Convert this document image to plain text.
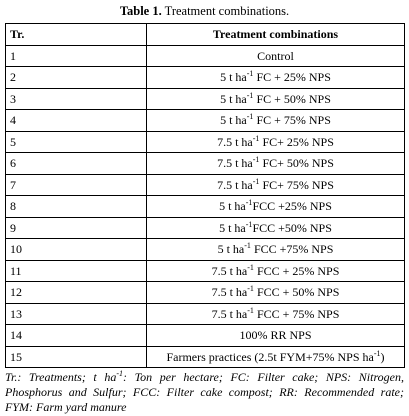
Table 1. Treatment combinations.
Tr.	Treatment combinations
1	Control
2	5 t $ha^{-1}$ FC + 25% NPS
3	5 t $ha^{-1}$ FC + 50% NPS
4	5 t $ha^{-1}$ FC + 75% NPS
5	7.5 t $ha^{-1}$ FC+ 25% NPS
6	7.5 t $ha^{-1}$ FC+ 50% NPS
7	7.5 t $ha^{-1}$ FC+ 75% NPS
8	5 t $ha^{-1}FCC +25\%$ NPS
9	5 t $ha^{-1}FCC +50\%$ NPS
10	5 t $ha^{-1}$ FCC +75% NPS
11	7.5 t $ha^{-1}$ FCC + 25% NPS
12	7.5 t $ha^{-1}$ FCC + 50% NPS
13	7.5 t $ha^{-1}$ FCC + 75% NPS
14	100% RR NPS
15	Farmers practices (2.5t FYM+75% NPS $ha^{-1}$)
Tr.: Treatments; t $ha^{-1}$: Ton per hectare; FC: Filter cake; NPS: Nitrogen, Phosphorus and Sulfur; FCC: Filter cake compost; RR: Recommended rate; FYM: Farm yard manure
